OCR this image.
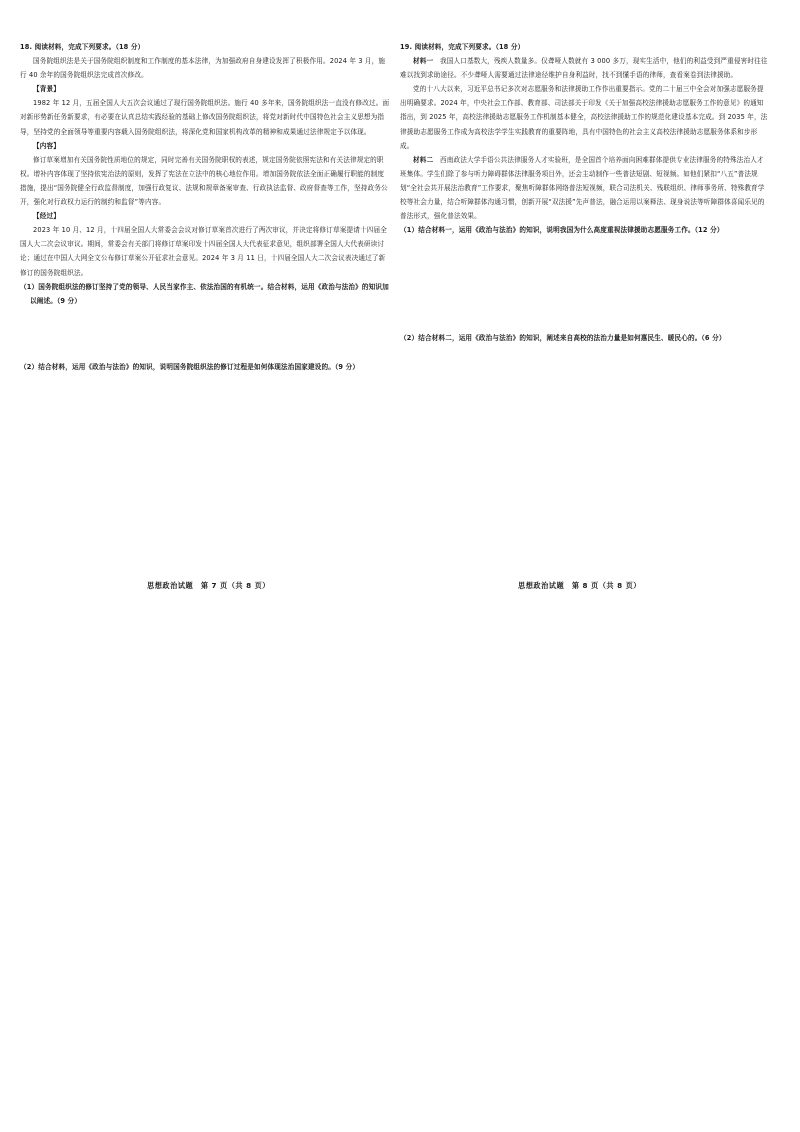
18. 阅读材料，完成下列要求。（18 分）

国务院组织法是关于国务院组织制度和工作制度的基本法律，为加强政府自身建设发挥了积极作用。2024 年 3 月，施行 40 余年的国务院组织法完成首次修改。

【背景】

1982 年 12 月，五届全国人大五次会议通过了现行国务院组织法。施行 40 多年来，国务院组织法一直没有修改过。面对新形势新任务新要求，有必要在认真总结实践经验的基础上修改国务院组织法，将党对新时代中国特色社会主义思想为指导，坚持党的全面领导等重要内容载入国务院组织法，将深化党和国家机构改革的精神和成果通过法律规定予以体现。

【内容】

修订草案增加有关国务院性质地位的规定，同时完善有关国务院职权的表述，规定国务院依照宪法和有关法律规定的职权。增补内容体现了坚持依宪治法的原则，发挥了宪法在立法中的核心地位作用。增加国务院依法全面正确履行职能的制度措施，提出“国务院健全行政监督制度，加强行政复议、法规和规章备案审查、行政执法监督、政府督查等工作，坚持政务公开，强化对行政权力运行的制约和监督”等内容。

【经过】

2023 年 10 月、12 月，十四届全国人大常委会会议对修订草案首次进行了两次审议，并决定将修订草案提请十四届全国人大二次会议审议。期间，常委会有关部门将修订草案印发十四届全国人大代表征求意见，组织部署全国人大代表研读讨论；通过在中国人大网全文公布修订草案公开征求社会意见。2024 年 3 月 11 日，十四届全国人大二次会议表决通过了新修订的国务院组织法。

（1）国务院组织法的修订坚持了党的领导、人民当家作主、依法治国的有机统一。结合材料，运用《政治与法治》的知识加以阐述。（9 分）

（2）结合材料，运用《政治与法治》的知识，说明国务院组织法的修订过程是如何体现法治国家建设的。（9 分）

19. 阅读材料，完成下列要求。（18 分）

材料一　我国人口基数大，残疾人数量多。仅聋哑人数就有 3 000 多万，现实生活中，他们的利益受到严重侵害时往往难以找到求助途径。不少聋哑人需要通过法律途径维护自身利益时，找不到懂手语的律师，查看案卷到法律援助。

党的十八大以来，习近平总书记多次对志愿服务和法律援助工作作出重要指示。党的二十届三中全会对加强志愿服务提出明确要求。2024 年，中央社会工作部、教育部、司法部关于印发《关于加强高校法律援助志愿服务工作的意见》的通知指出，到 2025 年，高校法律援助志愿服务工作机制基本健全，高校法律援助工作的规范化建设基本完成。到 2035 年，法律援助志愿服务工作成为高校法学学生实践教育的重要阵地，具有中国特色的社会主义高校法律援助志愿服务体系和步形成。

材料二　西南政法大学手语公共法律服务人才实验班，是全国首个培养面向困难群体提供专业法律服务的特殊法治人才班集体。学生们除了参与听力障碍群体法律服务项目外，还会主动制作一些普法短剧、短视频。如他们紧扣“八五”普法规划“全社会共开展法治教育”工作要求，聚焦听障群体网络普法短视频，联合司法机关、残联组织、律师事务所、特殊教育学校等社会力量，结合听障群体沟通习惯，创新开展“双法援”先声普法，融合运用以案释法、现身说法等听障群体喜闻乐见的普法形式，强化普法效果。

（1）结合材料一，运用《政治与法治》的知识，说明我国为什么高度重视法律援助志愿服务工作。（12 分）

（2）结合材料二，运用《政治与法治》的知识，阐述来自高校的法治力量是如何惠民生、暖民心的。（6 分）

思想政治试题　第 7 页（共 8 页）	思想政治试题　第 8 页（共 8 页）
